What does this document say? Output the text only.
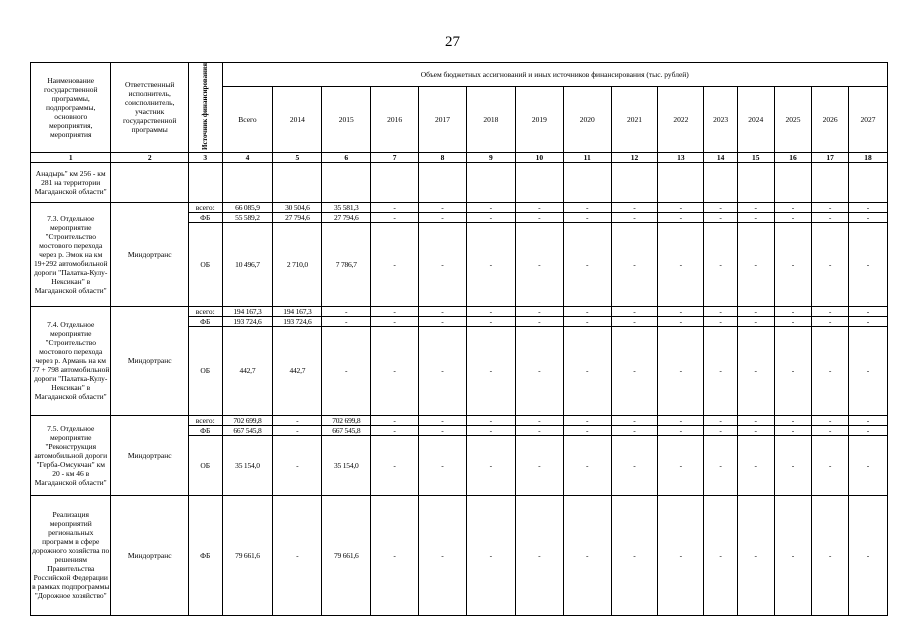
27
Наименование государственной программы, подпрограммы, основного мероприятия, мероприятия	Ответственный исполнитель, соисполнитель, участник государственной программы	Источник финансирования	Объем бюджетных ассигнований и иных источников финансирования (тыс. рублей)														
			Всего	2014	2015	2016	2017	2018	2019	2020	2021	2022	2023	2024	2025	2026	2027
1	2	3	4	5	6	7	8	9	10	11	12	13	14	15	16	17	18
Анадырь" км 256 - км 281 на территории Магаданской области"																	
7.3. Отдельное мероприятие "Строительство мостового перехода через р. Эмок на км 19+292 автомобильной дороги "Палатка-Кулу-Нексикан" в Магаданской области"	Миндортранс	всего:	66 085,9	30 504,6	35 581,3	-	-	-	-	-	-	-	-	-	-	-	-
		ФБ	55 589,2	27 794,6	27 794,6	-	-	-	-	-	-	-	-	-	-	-	-
		ОБ	10 496,7	2 710,0	7 786,7	-	-	-	-	-	-	-	-	-	-	-	-
7.4. Отдельное мероприятие "Строительство мостового перехода через р. Армань на км 77 + 798 автомобильной дороги "Палатка-Кулу-Нексикан" в Магаданской области"	Миндортранс	всего:	194 167,3	194 167,3	-	-	-	-	-	-	-	-	-	-	-	-	-
		ФБ	193 724,6	193 724,6	-	-	-	-	-	-	-	-	-	-	-	-	-
		ОБ	442,7	442,7	-	-	-	-	-	-	-	-	-	-	-	-	-
7.5. Отдельное мероприятие "Реконструкция автомобильной дороги "Герба-Омсукчан" км 20 - км 46 в Магаданской области"	Миндортранс	всего:	702 699,8	-	702 699,8	-	-	-	-	-	-	-	-	-	-	-	-
		ФБ	667 545,8	-	667 545,8	-	-	-	-	-	-	-	-	-	-	-	-
		ОБ	35 154,0	-	35 154,0	-	-	-	-	-	-	-	-	-	-	-	-
Реализация мероприятий региональных программ в сфере дорожного хозяйства по решениям Правительства Российской Федерации в рамках подпрограммы "Дорожное хозяйство"	Миндортранс	ФБ	79 661,6	-	79 661,6	-	-	-	-	-	-	-	-	-	-	-	-
